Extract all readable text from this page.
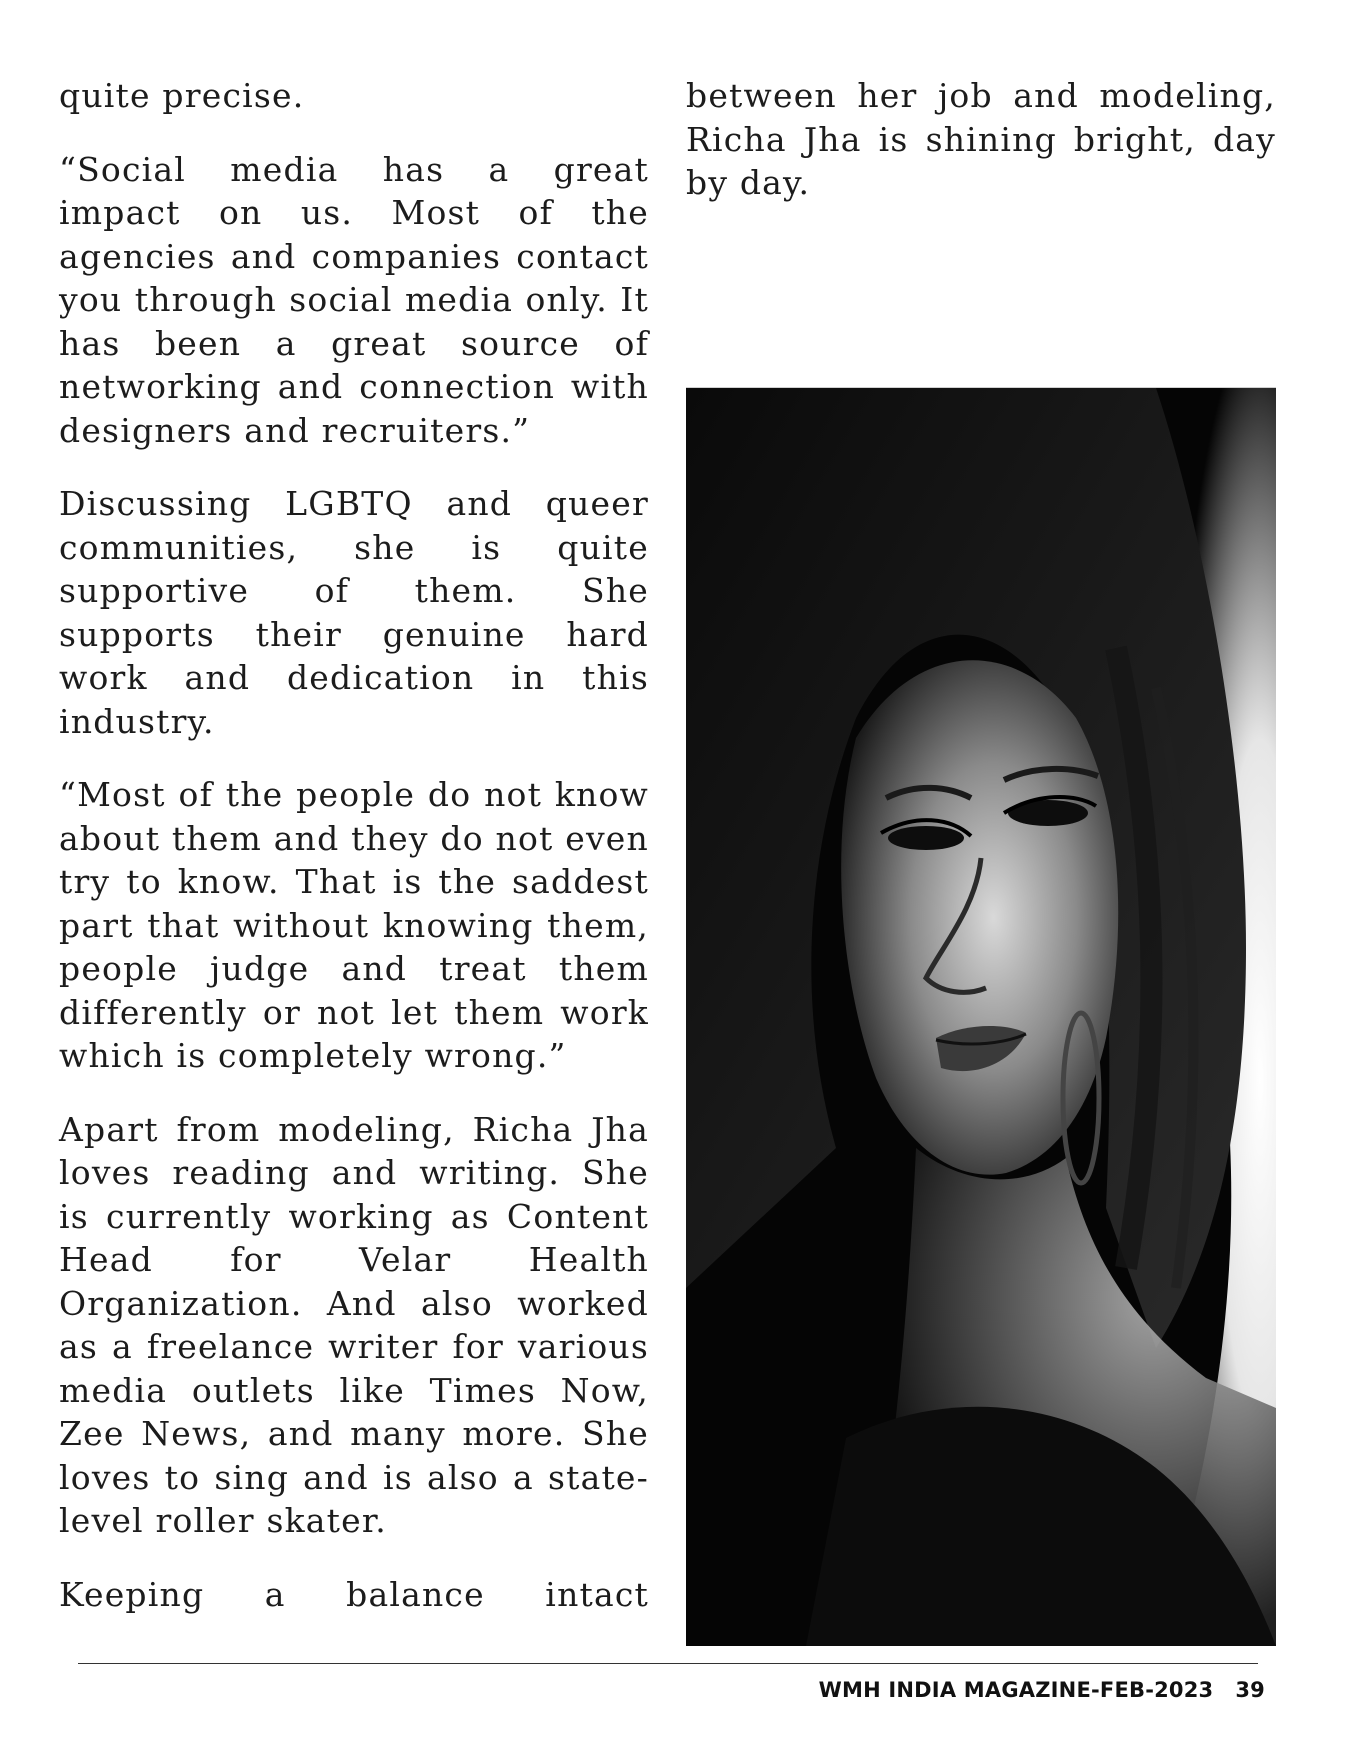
quite precise.

“Social media has a great impact on us. Most of the agencies and companies contact you through social media only. It has been a great source of networking and connection with designers and recruiters.”

Discussing LGBTQ and queer communities, she is quite supportive of them. She supports their genuine hard work and dedication in this industry.

“Most of the people do not know about them and they do not even try to know. That is the saddest part that without knowing them, people judge and treat them differently or not let them work which is completely wrong.”

Apart from modeling, Richa Jha loves reading and writing. She is currently working as Content Head for Velar Health Organization. And also worked as a freelance writer for various media outlets like Times Now, Zee News, and many more. She loves to sing and is also a state-level roller skater.

Keeping a balance intact

between her job and modeling, Richa Jha is shining bright, day by day.

WMH INDIA MAGAZINE-FEB-2023 39
